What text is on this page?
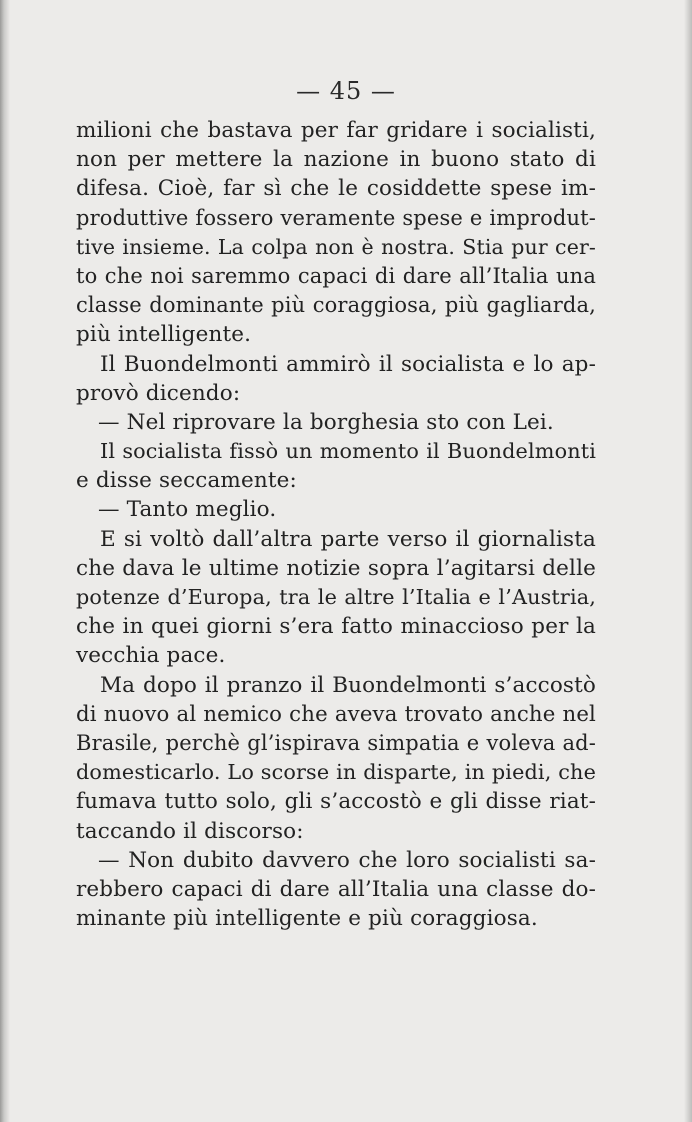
— 45 —
milioni che bastava per far gridare i socialisti,
non per mettere la nazione in buono stato di
difesa. Cioè, far sì che le cosiddette spese im-
produttive fossero veramente spese e improdut-
tive insieme. La colpa non è nostra. Stia pur cer-
to che noi saremmo capaci di dare all’Italia una
classe dominante più coraggiosa, più gagliarda,
più intelligente.
Il Buondelmonti ammirò il socialista e lo ap-
provò dicendo:
— Nel riprovare la borghesia sto con Lei.
Il socialista fissò un momento il Buondelmonti
e disse seccamente:
— Tanto meglio.
E si voltò dall’altra parte verso il giornalista
che dava le ultime notizie sopra l’agitarsi delle
potenze d’Europa, tra le altre l’Italia e l’Austria,
che in quei giorni s’era fatto minaccioso per la
vecchia pace.
Ma dopo il pranzo il Buondelmonti s’accostò
di nuovo al nemico che aveva trovato anche nel
Brasile, perchè gl’ispirava simpatia e voleva ad-
domesticarlo. Lo scorse in disparte, in piedi, che
fumava tutto solo, gli s’accostò e gli disse riat-
taccando il discorso:
— Non dubito davvero che loro socialisti sa-
rebbero capaci di dare all’Italia una classe do-
minante più intelligente e più coraggiosa.
